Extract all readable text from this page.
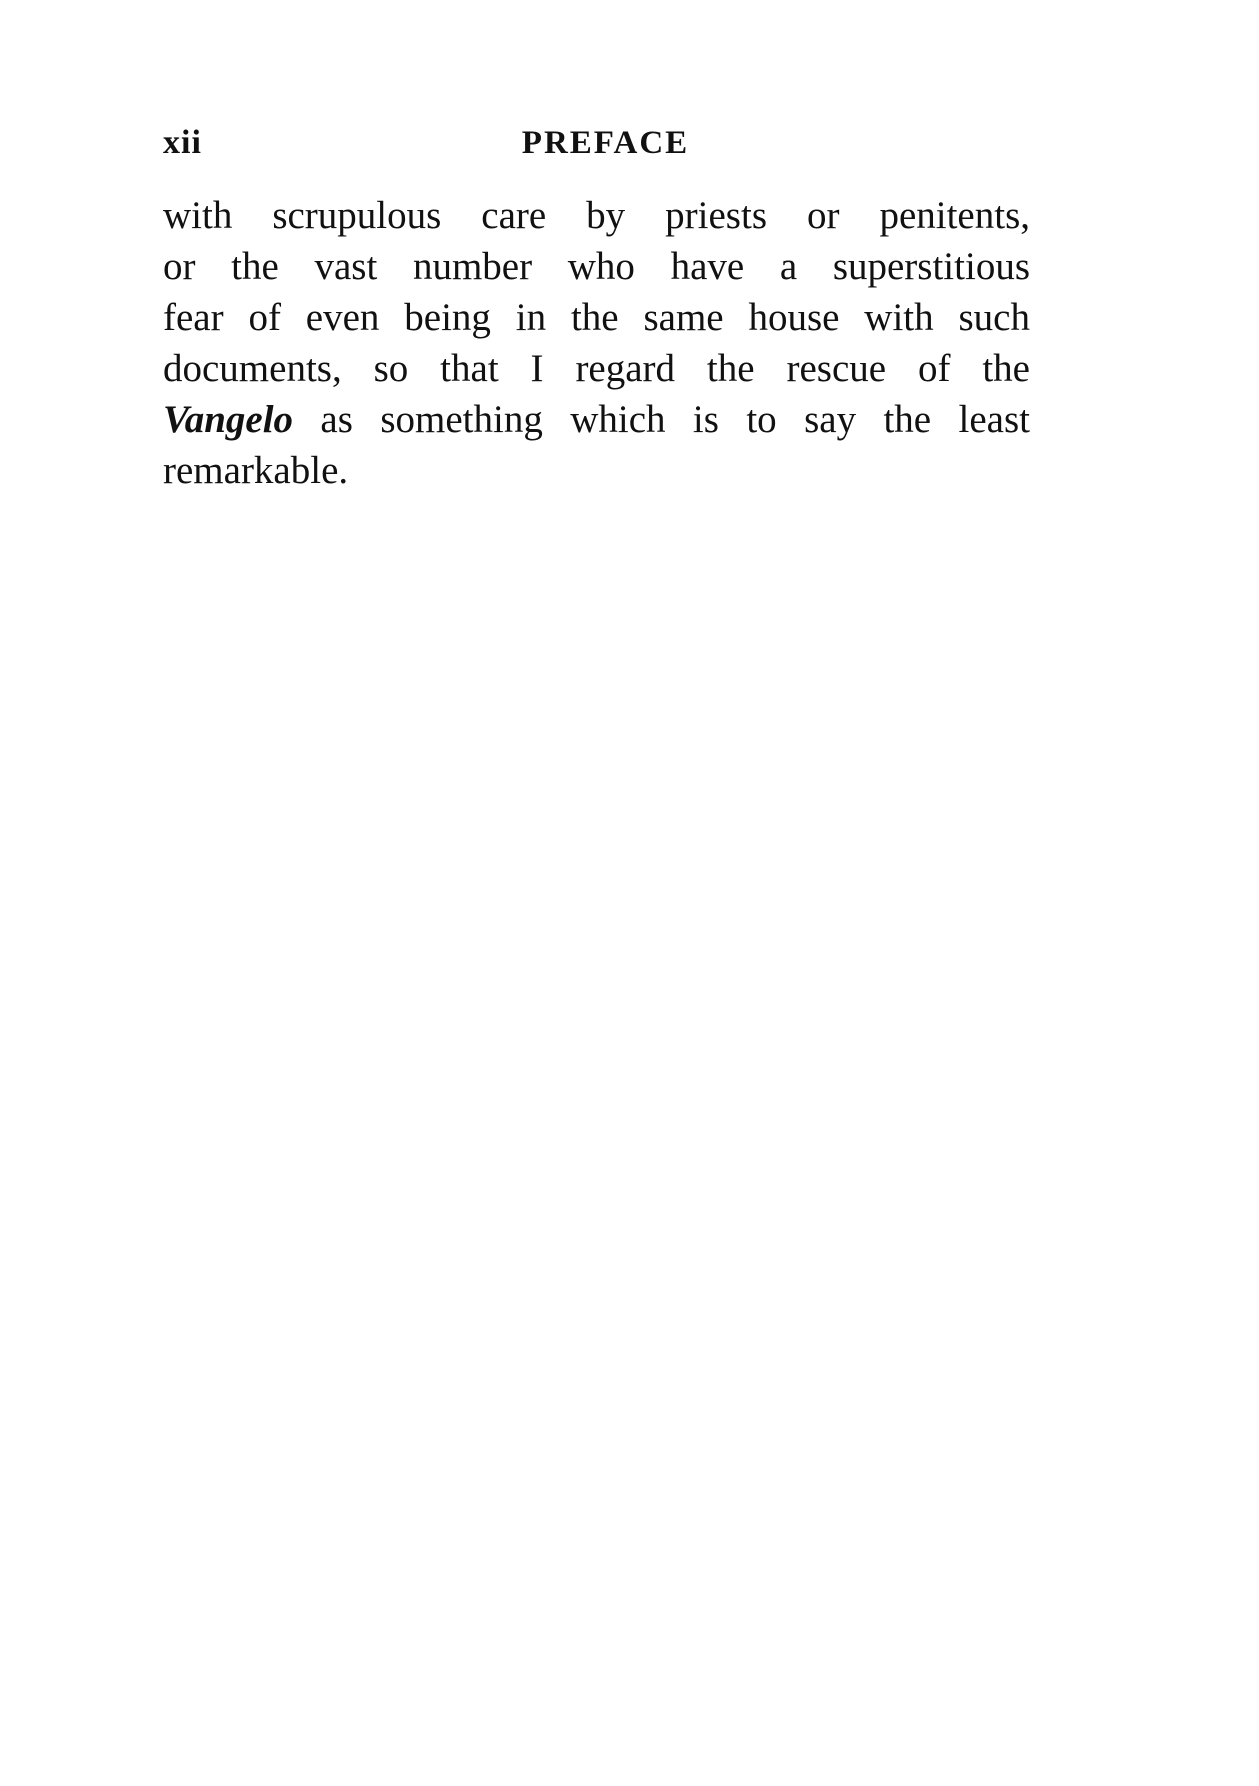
xii	PREFACE
with scrupulous care by priests or penitents,
or the vast number who have a superstitious
fear of even being in the same house with such
documents, so that I regard the rescue of the
Vangelo as something which is to say the least
remarkable.
